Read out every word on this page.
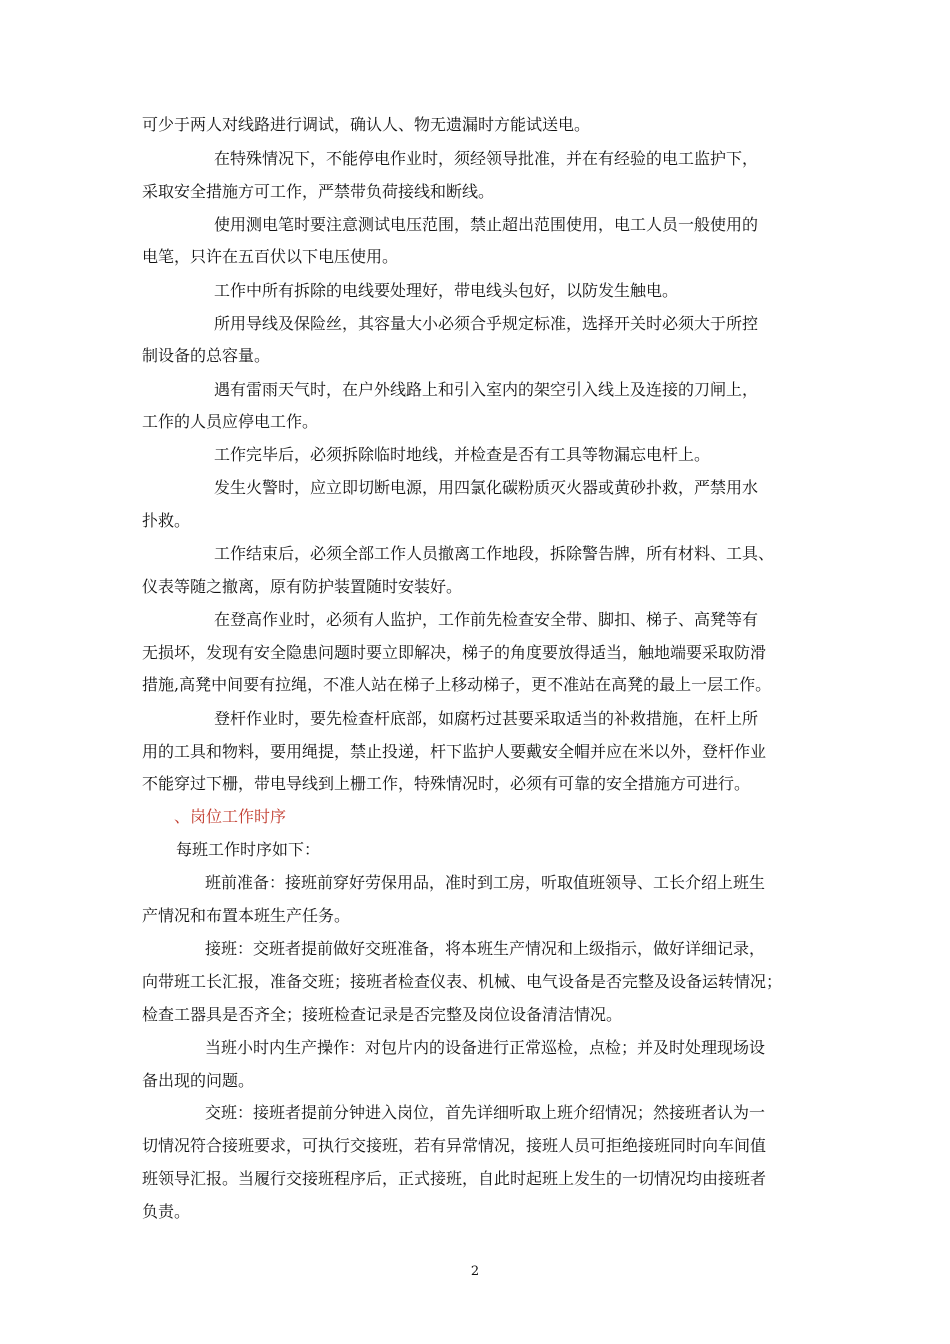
可少于两人对线路进行调试，确认人、物无遗漏时方能试送电。
在特殊情况下，不能停电作业时，须经领导批准，并在有经验的电工监护下，
采取安全措施方可工作，严禁带负荷接线和断线。
使用测电笔时要注意测试电压范围，禁止超出范围使用，电工人员一般使用的
电笔，只许在五百伏以下电压使用。
工作中所有拆除的电线要处理好，带电线头包好，以防发生触电。
所用导线及保险丝，其容量大小必须合乎规定标准，选择开关时必须大于所控
制设备的总容量。
遇有雷雨天气时，在户外线路上和引入室内的架空引入线上及连接的刀闸上，
工作的人员应停电工作。
工作完毕后，必须拆除临时地线，并检查是否有工具等物漏忘电杆上。
发生火警时，应立即切断电源，用四氯化碳粉质灭火器或黄砂扑救，严禁用水
扑救。
工作结束后，必须全部工作人员撤离工作地段，拆除警告牌，所有材料、工具、
仪表等随之撤离，原有防护装置随时安装好。
在登高作业时，必须有人监护，工作前先检查安全带、脚扣、梯子、高凳等有
无损坏，发现有安全隐患问题时要立即解决，梯子的角度要放得适当，触地端要采取防滑
措施,高凳中间要有拉绳，不准人站在梯子上移动梯子，更不准站在高凳的最上一层工作。
登杆作业时，要先检查杆底部，如腐朽过甚要采取适当的补救措施，在杆上所
用的工具和物料，要用绳提，禁止投递，杆下监护人要戴安全帽并应在米以外，登杆作业
不能穿过下栅，带电导线到上栅工作，特殊情况时，必须有可靠的安全措施方可进行。
、岗位工作时序
每班工作时序如下：
班前准备：接班前穿好劳保用品，准时到工房，听取值班领导、工长介绍上班生
产情况和布置本班生产任务。
接班：交班者提前做好交班准备，将本班生产情况和上级指示，做好详细记录，
向带班工长汇报，准备交班；接班者检查仪表、机械、电气设备是否完整及设备运转情况；
检查工器具是否齐全；接班检查记录是否完整及岗位设备清洁情况。
当班小时内生产操作：对包片内的设备进行正常巡检，点检；并及时处理现场设
备出现的问题。
交班：接班者提前分钟进入岗位，首先详细听取上班介绍情况；然接班者认为一
切情况符合接班要求，可执行交接班，若有异常情况，接班人员可拒绝接班同时向车间值
班领导汇报。当履行交接班程序后，正式接班，自此时起班上发生的一切情况均由接班者
负责。
2
